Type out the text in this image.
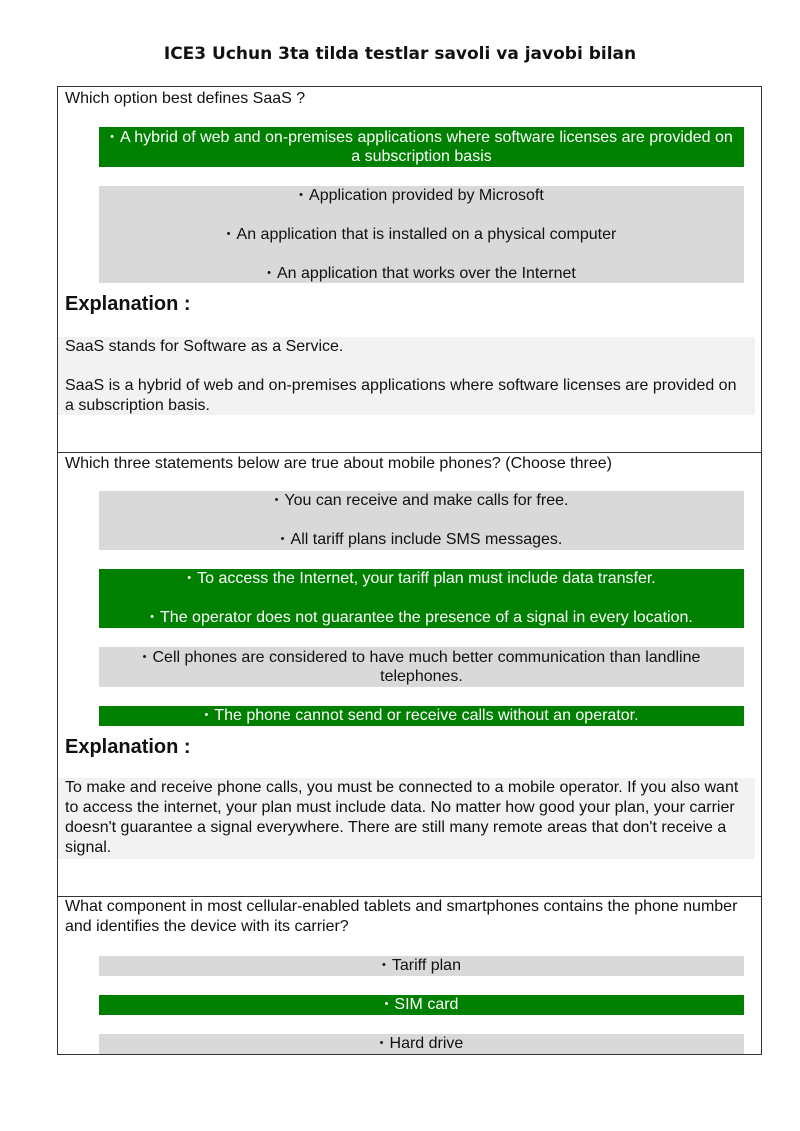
ICE3 Uchun 3ta tilda testlar savoli va javobi bilan
Which option best defines SaaS ?
• A hybrid of web and on-premises applications where software licenses are provided on a subscription basis
• Application provided by Microsoft
• An application that is installed on a physical computer
• An application that works over the Internet
Explanation :

SaaS stands for Software as a Service.

SaaS is a hybrid of web and on-premises applications where software licenses are provided on a subscription basis.

Which three statements below are true about mobile phones? (Choose three)
• You can receive and make calls for free.
• All tariff plans include SMS messages.
• To access the Internet, your tariff plan must include data transfer.
• The operator does not guarantee the presence of a signal in every location.
• Cell phones are considered to have much better communication than landline telephones.
• The phone cannot send or receive calls without an operator.
Explanation :

To make and receive phone calls, you must be connected to a mobile operator. If you also want to access the internet, your plan must include data. No matter how good your plan, your carrier doesn't guarantee a signal everywhere. There are still many remote areas that don't receive a signal.

What component in most cellular-enabled tablets and smartphones contains the phone number and identifies the device with its carrier?
• Tariff plan
• SIM card
• Hard drive
